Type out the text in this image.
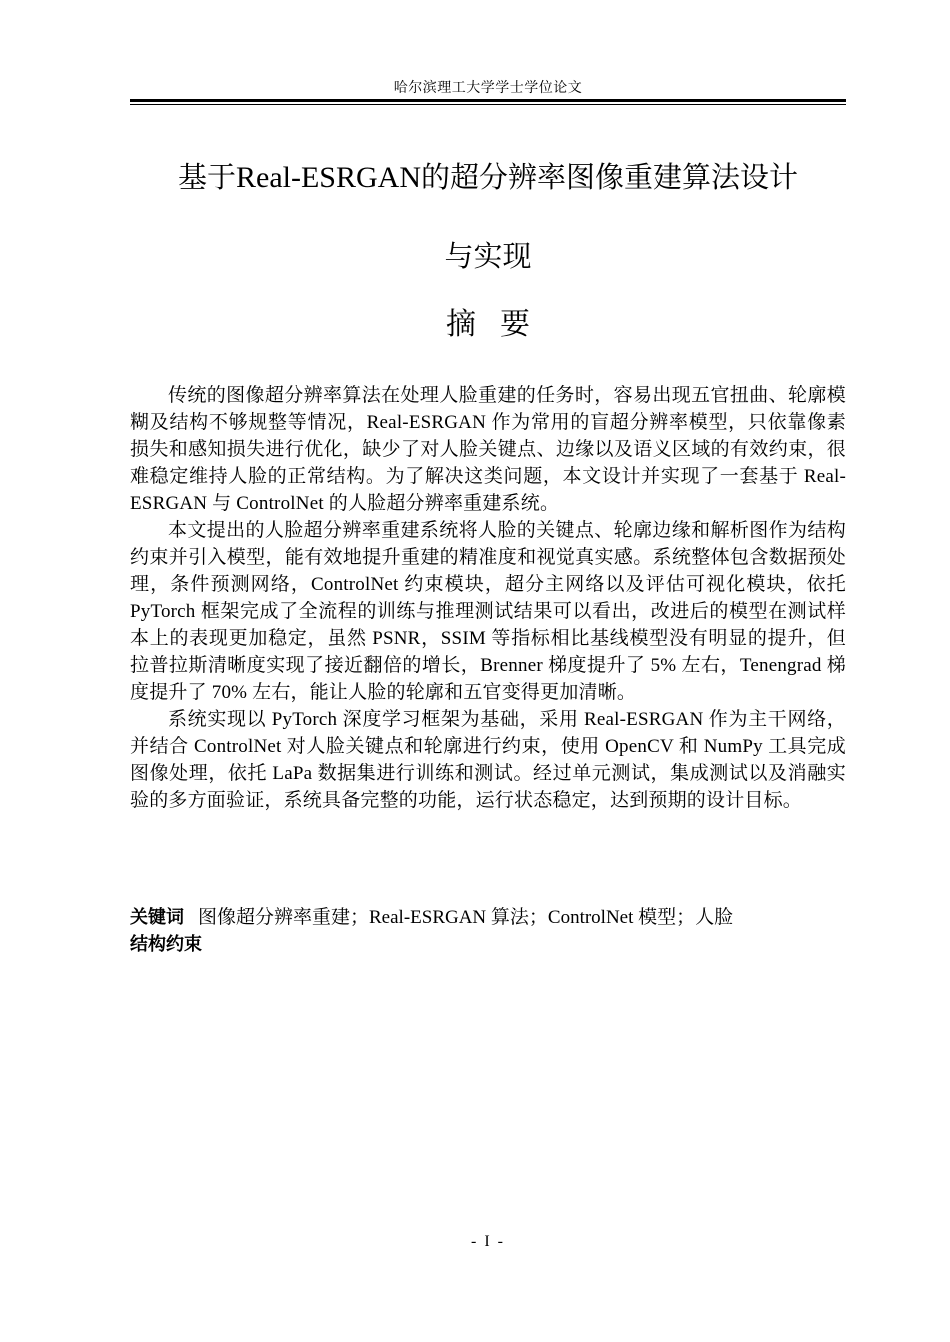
哈尔滨理工大学学士学位论文
基于Real-ESRGAN的超分辨率图像重建算法设计
与实现
摘要

传统的图像超分辨率算法在处理人脸重建的任务时，容易出现五官扭曲、轮廓模糊及结构不够规整等情况，Real-ESRGAN 作为常用的盲超分辨率模型，只依靠像素损失和感知损失进行优化，缺少了对人脸关键点、边缘以及语义区域的有效约束，很难稳定维持人脸的正常结构。为了解决这类问题，本文设计并实现了一套基于 Real-ESRGAN 与 ControlNet 的人脸超分辨率重建系统。

本文提出的人脸超分辨率重建系统将人脸的关键点、轮廓边缘和解析图作为结构约束并引入模型，能有效地提升重建的精准度和视觉真实感。系统整体包含数据预处理，条件预测网络，ControlNet 约束模块，超分主网络以及评估可视化模块，依托 PyTorch 框架完成了全流程的训练与推理测试结果可以看出，改进后的模型在测试样本上的表现更加稳定，虽然 PSNR，SSIM 等指标相比基线模型没有明显的提升，但拉普拉斯清晰度实现了接近翻倍的增长，Brenner 梯度提升了 5% 左右，Tenengrad 梯度提升了 70% 左右，能让人脸的轮廓和五官变得更加清晰。

系统实现以 PyTorch 深度学习框架为基础，采用 Real-ESRGAN 作为主干网络，并结合 ControlNet 对人脸关键点和轮廓进行约束，使用 OpenCV 和 NumPy 工具完成图像处理，依托 LaPa 数据集进行训练和测试。经过单元测试，集成测试以及消融实验的多方面验证，系统具备完整的功能，运行状态稳定，达到预期的设计目标。

关键词 图像超分辨率重建；Real-ESRGAN 算法；ControlNet 模型；人脸
结构约束
- I -
